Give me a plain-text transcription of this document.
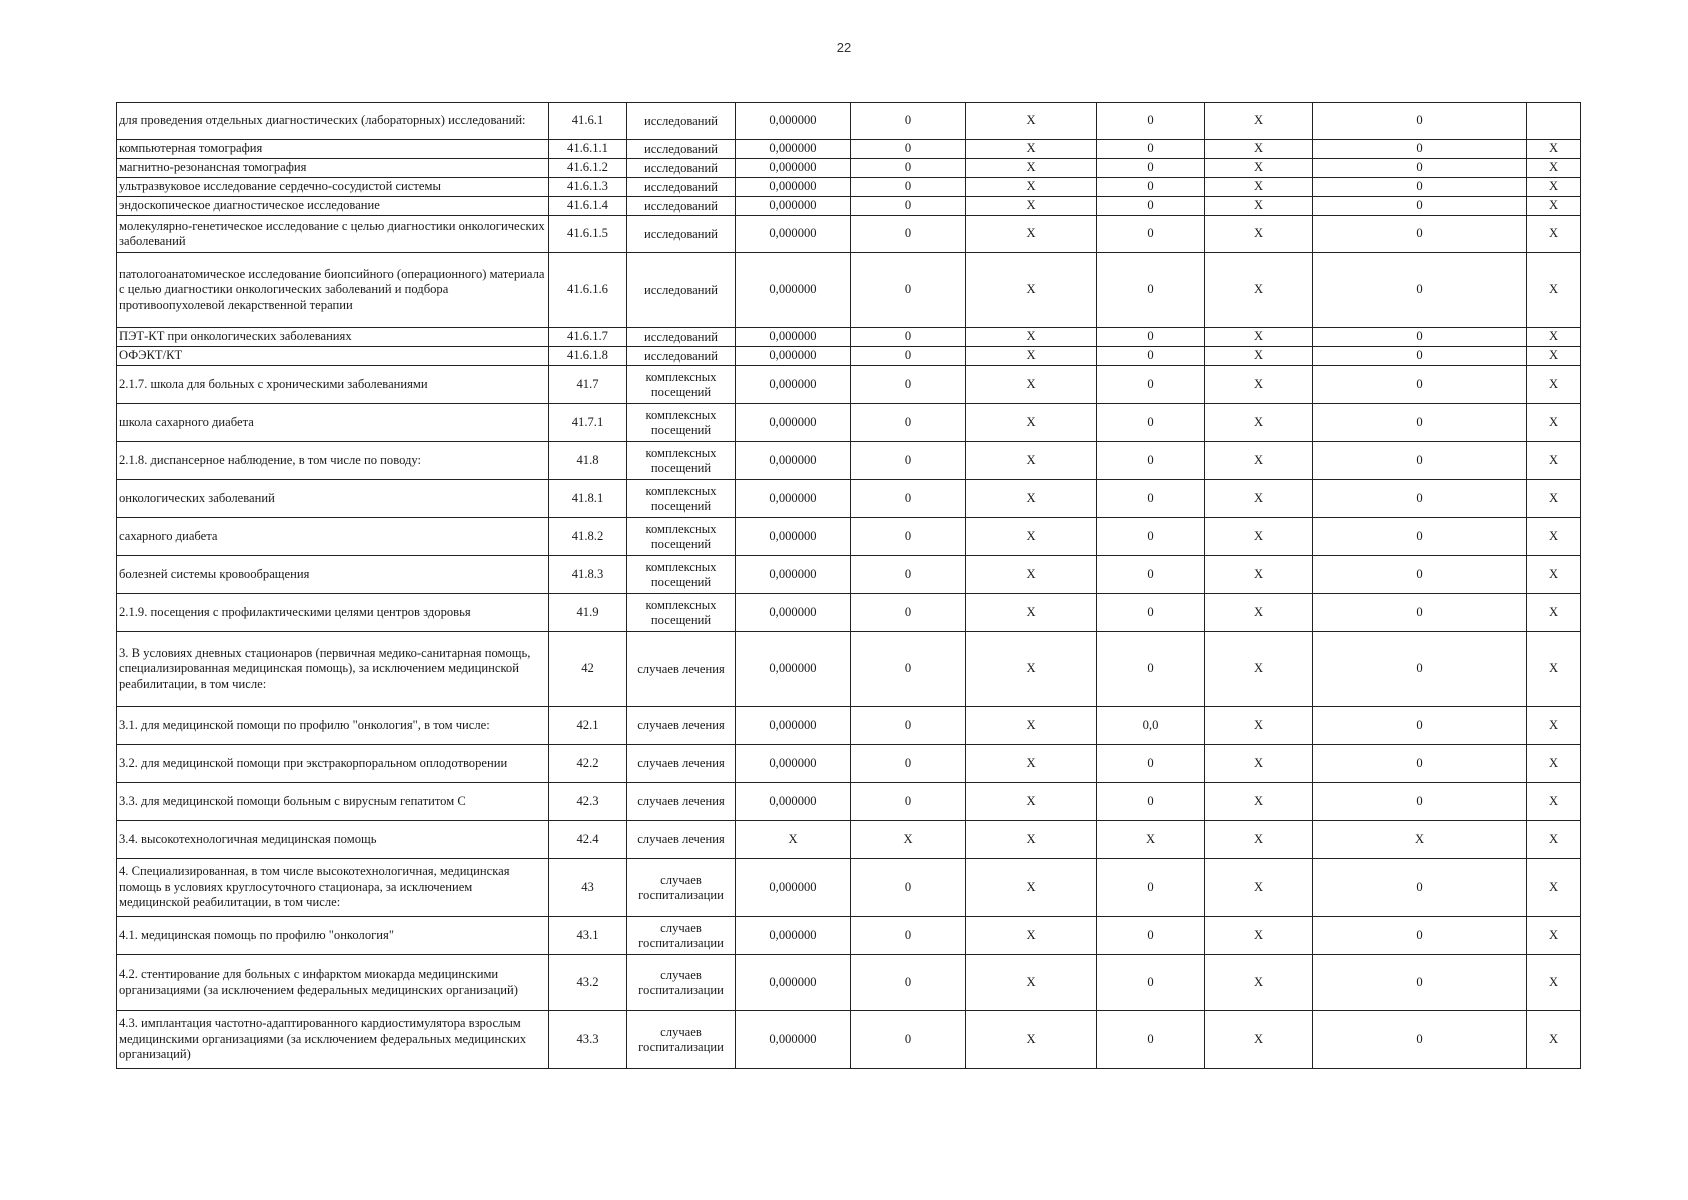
22
для проведения отдельных диагностических (лабораторных) исследований:	41.6.1	исследований	0,000000	0	X	0	X	0	
компьютерная томография	41.6.1.1	исследований	0,000000	0	X	0	X	0	X
магнитно-резонансная томография	41.6.1.2	исследований	0,000000	0	X	0	X	0	X
ультразвуковое исследование сердечно-сосудистой системы	41.6.1.3	исследований	0,000000	0	X	0	X	0	X
эндоскопическое диагностическое исследование	41.6.1.4	исследований	0,000000	0	X	0	X	0	X
молекулярно-генетическое исследование с целью диагностики онкологических заболеваний	41.6.1.5	исследований	0,000000	0	X	0	X	0	X
патологоанатомическое исследование биопсийного (операционного) материала с целью диагностики онкологических заболеваний и подбора противоопухолевой лекарственной терапии	41.6.1.6	исследований	0,000000	0	X	0	X	0	X
ПЭТ-КТ при онкологических заболеваниях	41.6.1.7	исследований	0,000000	0	X	0	X	0	X
ОФЭКТ/КТ	41.6.1.8	исследований	0,000000	0	X	0	X	0	X
2.1.7. школа для больных с хроническими заболеваниями	41.7	комплексных посещений	0,000000	0	X	0	X	0	X
школа сахарного диабета	41.7.1	комплексных посещений	0,000000	0	X	0	X	0	X
2.1.8. диспансерное наблюдение, в том числе по поводу:	41.8	комплексных посещений	0,000000	0	X	0	X	0	X
онкологических заболеваний	41.8.1	комплексных посещений	0,000000	0	X	0	X	0	X
сахарного диабета	41.8.2	комплексных посещений	0,000000	0	X	0	X	0	X
болезней системы кровообращения	41.8.3	комплексных посещений	0,000000	0	X	0	X	0	X
2.1.9. посещения с профилактическими целями центров здоровья	41.9	комплексных посещений	0,000000	0	X	0	X	0	X
3. В условиях дневных стационаров (первичная медико-санитарная помощь, специализированная медицинская помощь), за исключением медицинской реабилитации, в том числе:	42	случаев лечения	0,000000	0	X	0	X	0	X
3.1. для медицинской помощи по профилю "онкология", в том числе:	42.1	случаев лечения	0,000000	0	X	0,0	X	0	X
3.2. для медицинской помощи при экстракорпоральном оплодотворении	42.2	случаев лечения	0,000000	0	X	0	X	0	X
3.3. для медицинской помощи больным с вирусным гепатитом С	42.3	случаев лечения	0,000000	0	X	0	X	0	X
3.4. высокотехнологичная медицинская помощь	42.4	случаев лечения	X	X	X	X	X	X	X
4. Специализированная, в том числе высокотехнологичная, медицинская помощь в условиях круглосуточного стационара, за исключением медицинской реабилитации, в том числе:	43	случаев госпитализации	0,000000	0	X	0	X	0	X
4.1. медицинская помощь по профилю "онкология"	43.1	случаев госпитализации	0,000000	0	X	0	X	0	X
4.2. стентирование для больных с инфарктом миокарда медицинскими организациями (за исключением федеральных медицинских организаций)	43.2	случаев госпитализации	0,000000	0	X	0	X	0	X
4.3. имплантация частотно-адаптированного кардиостимулятора взрослым медицинскими организациями (за исключением федеральных медицинских организаций)	43.3	случаев госпитализации	0,000000	0	X	0	X	0	X
